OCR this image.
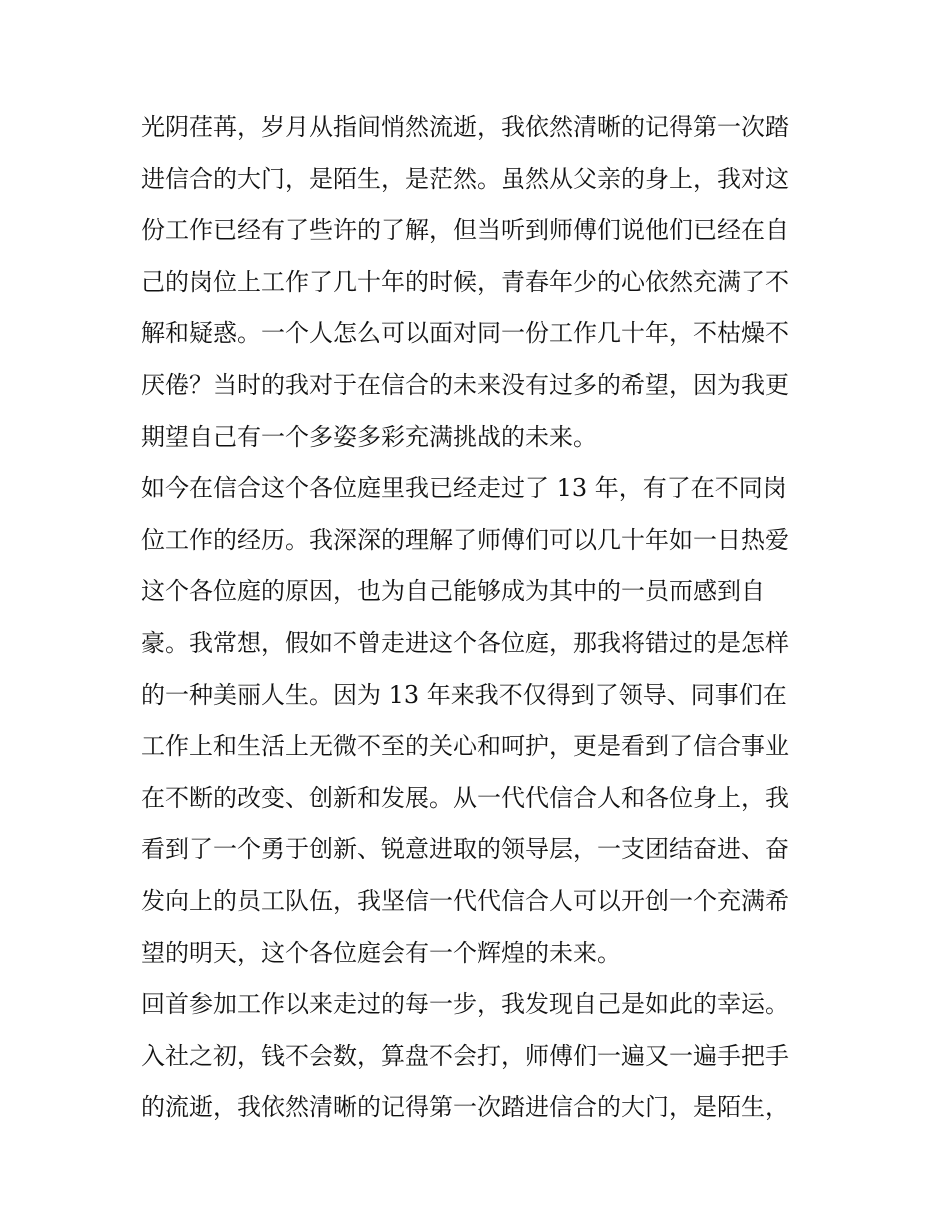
光阴荏苒，岁月从指间悄然流逝，我依然清晰的记得第一次踏
进信合的大门，是陌生，是茫然。虽然从父亲的身上，我对这
份工作已经有了些许的了解，但当听到师傅们说他们已经在自
己的岗位上工作了几十年的时候，青春年少的心依然充满了不
解和疑惑。一个人怎么可以面对同一份工作几十年，不枯燥不
厌倦？当时的我对于在信合的未来没有过多的希望，因为我更
期望自己有一个多姿多彩充满挑战的未来。
如今在信合这个各位庭里我已经走过了 13 年，有了在不同岗
位工作的经历。我深深的理解了师傅们可以几十年如一日热爱
这个各位庭的原因，也为自己能够成为其中的一员而感到自
豪。我常想，假如不曾走进这个各位庭，那我将错过的是怎样
的一种美丽人生。因为 13 年来我不仅得到了领导、同事们在
工作上和生活上无微不至的关心和呵护，更是看到了信合事业
在不断的改变、创新和发展。从一代代信合人和各位身上，我
看到了一个勇于创新、锐意进取的领导层，一支团结奋进、奋
发向上的员工队伍，我坚信一代代信合人可以开创一个充满希
望的明天，这个各位庭会有一个辉煌的未来。
回首参加工作以来走过的每一步，我发现自己是如此的幸运。
入社之初，钱不会数，算盘不会打，师傅们一遍又一遍手把手
的流逝，我依然清晰的记得第一次踏进信合的大门，是陌生，
